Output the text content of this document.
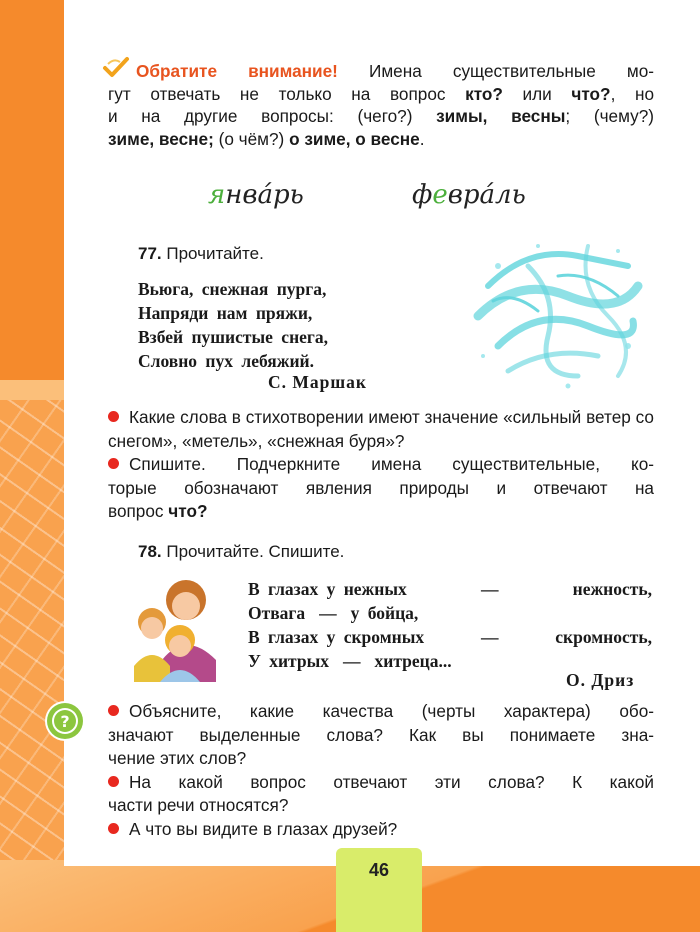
Обратите внимание! Имена существительные мо-

гут отвечать не только на вопрос кто? или что?, но

и на другие вопросы: (чего?) зимы, весны; (чему?)

зиме, весне; (о чём?) о зиме, о весне.

янвáрь	феврáль
77. Прочитайте.
Вьюга, снежная пурга,
Напряди нам пряжи,
Взбей пушистые снега,
Словно пух лебяжий.
С. Маршак

Какие слова в стихотворении имеют значение «сильный ветер со снегом», «метель», «снежная буря»?

Спишите. Подчеркните имена существительные, ко-

торые обозначают явления природы и отвечают на

вопрос что?

78. Прочитайте. Спишите.
В глазах у нежных	—	нежность,
Отвага — у бойца,
В глазах у скромных	—	скромность,
У хитрых — хитреца...
О. Дриз
?

Объясните, какие качества (черты характера) обо-

значают выделенные слова? Как вы понимаете зна-

чение этих слов?

На какой вопрос отвечают эти слова? К какой

части речи относятся?

А что вы видите в глазах друзей?

46
